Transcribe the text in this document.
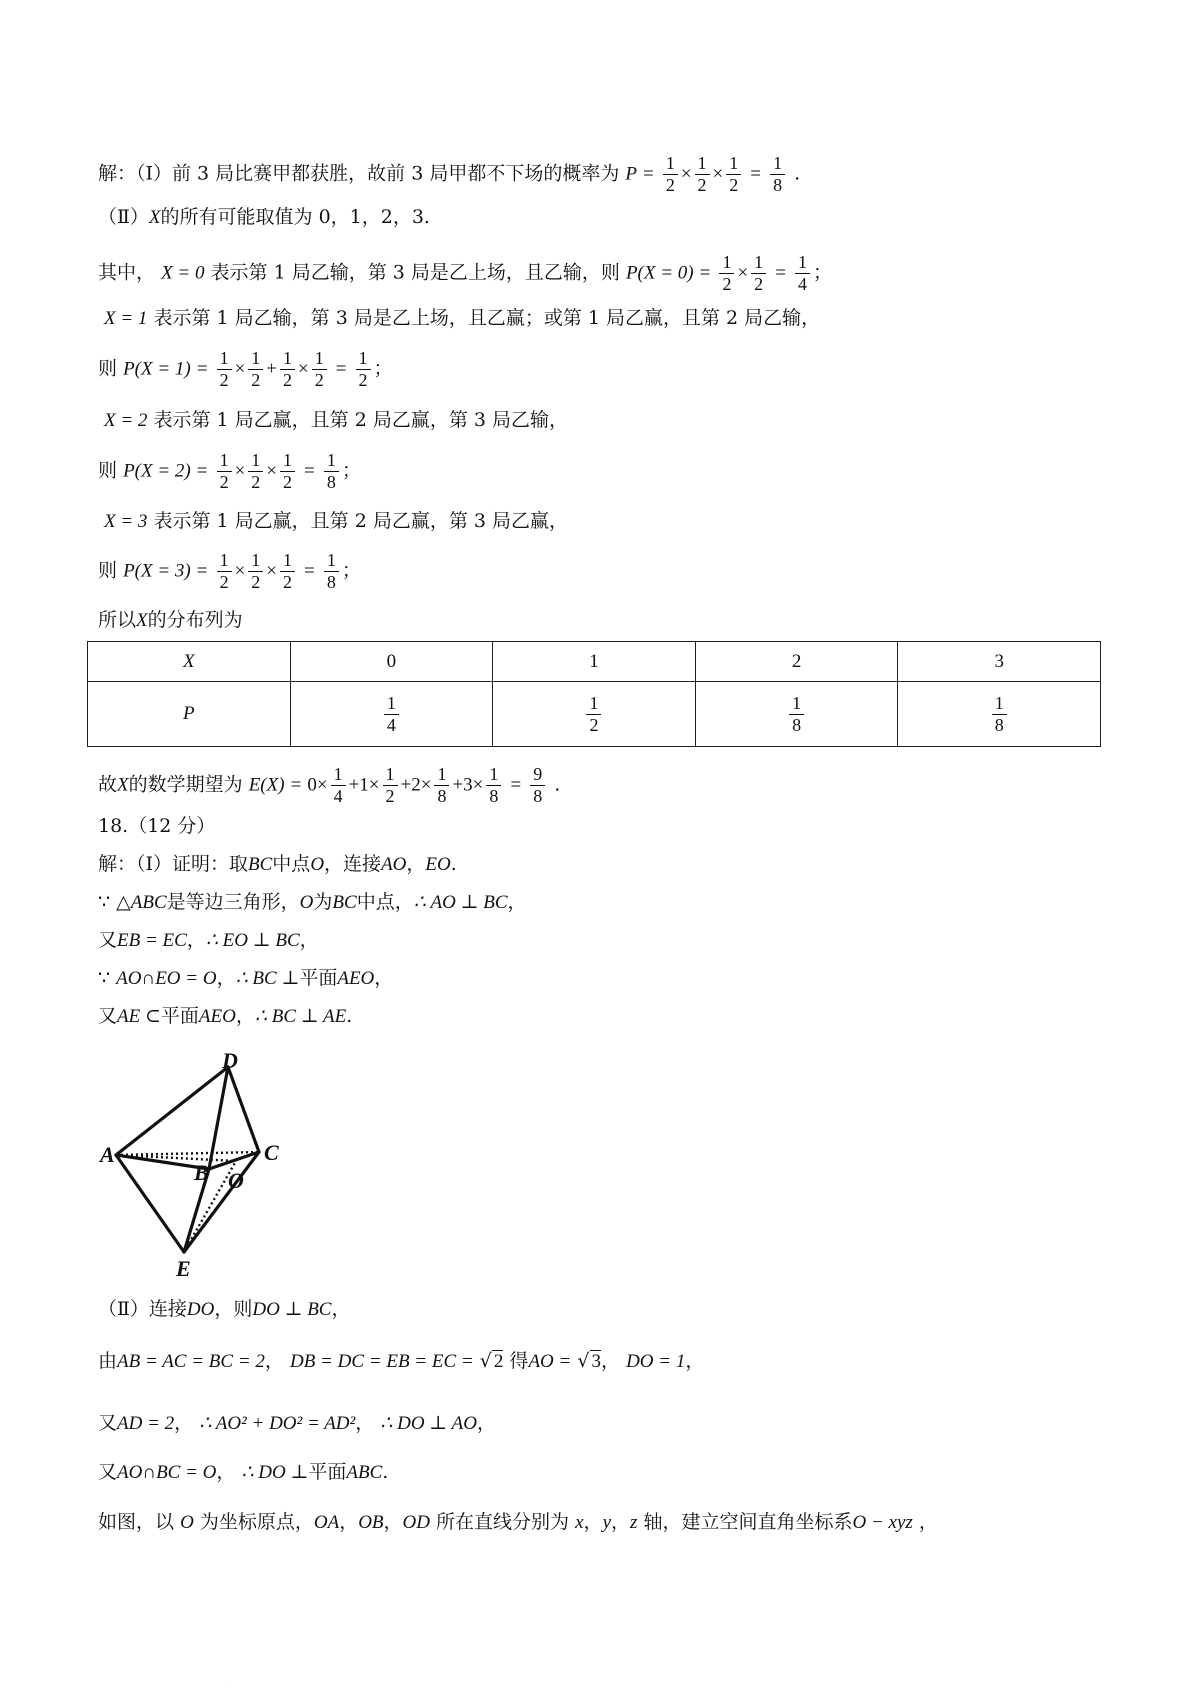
解：（Ⅰ）前 3 局比赛甲都获胜，故前 3 局甲都不下场的概率为 $P = \frac{1}{2} \times \frac{1}{2} \times \frac{1}{2} = \frac{1}{8}$ .
（Ⅱ）X的所有可能取值为 0，1，2，3.
其中， X = 0 表示第 1 局乙输，第 3 局是乙上场，且乙输，则 $P(X = 0) = \frac{1}{2} \times \frac{1}{2} = \frac{1}{4}$ ；
X = 1 表示第 1 局乙输，第 3 局是乙上场，且乙赢；或第 1 局乙赢，且第 2 局乙输，
则 $P(X = 1) = \frac{1}{2} \times \frac{1}{2} + \frac{1}{2} \times \frac{1}{2} = \frac{1}{2}$ ；
X = 2 表示第 1 局乙赢，且第 2 局乙赢，第 3 局乙输，
则 $P(X = 2) = \frac{1}{2} \times \frac{1}{2} \times \frac{1}{2} = \frac{1}{8}$ ；
X = 3 表示第 1 局乙赢，且第 2 局乙赢，第 3 局乙赢，
则 $P(X = 3) = \frac{1}{2} \times \frac{1}{2} \times \frac{1}{2} = \frac{1}{8}$ ；
所以X的分布列为
X	0	1	2	3
P	$\frac{1}{4}$	$\frac{1}{2}$	$\frac{1}{8}$	$\frac{1}{8}$
故X的数学期望为 $E(X) = 0\times \frac{1}{4} +1\times \frac{1}{2} +2\times \frac{1}{8} +3\times \frac{1}{8} = \frac{9}{8}$ .
18.（12 分）
解：（Ⅰ）证明：取BC中点O，连接AO，EO.
∵ △ABC是等边三角形，O为BC中点，∴ AO ⊥ BC，
又EB = EC，∴ EO ⊥ BC，
∵ AO∩EO = O，∴ BC ⊥平面AEO，
又AE ⊂平面AEO，∴ BC ⊥ AE.
D
A	C
B O
E
（Ⅱ）连接DO，则DO ⊥ BC，
由AB = AC = BC = 2， DB = DC = EB = EC = √ 2 得AO = √ 3， DO = 1，
又AD = 2， ∴ AO² + DO² = AD²， ∴ DO ⊥ AO，
又AO∩BC = O， ∴ DO ⊥平面ABC.
如图，以 O 为坐标原点，OA，OB，OD 所在直线分别为 x，y，z 轴，建立空间直角坐标系O − xyz ，
·
